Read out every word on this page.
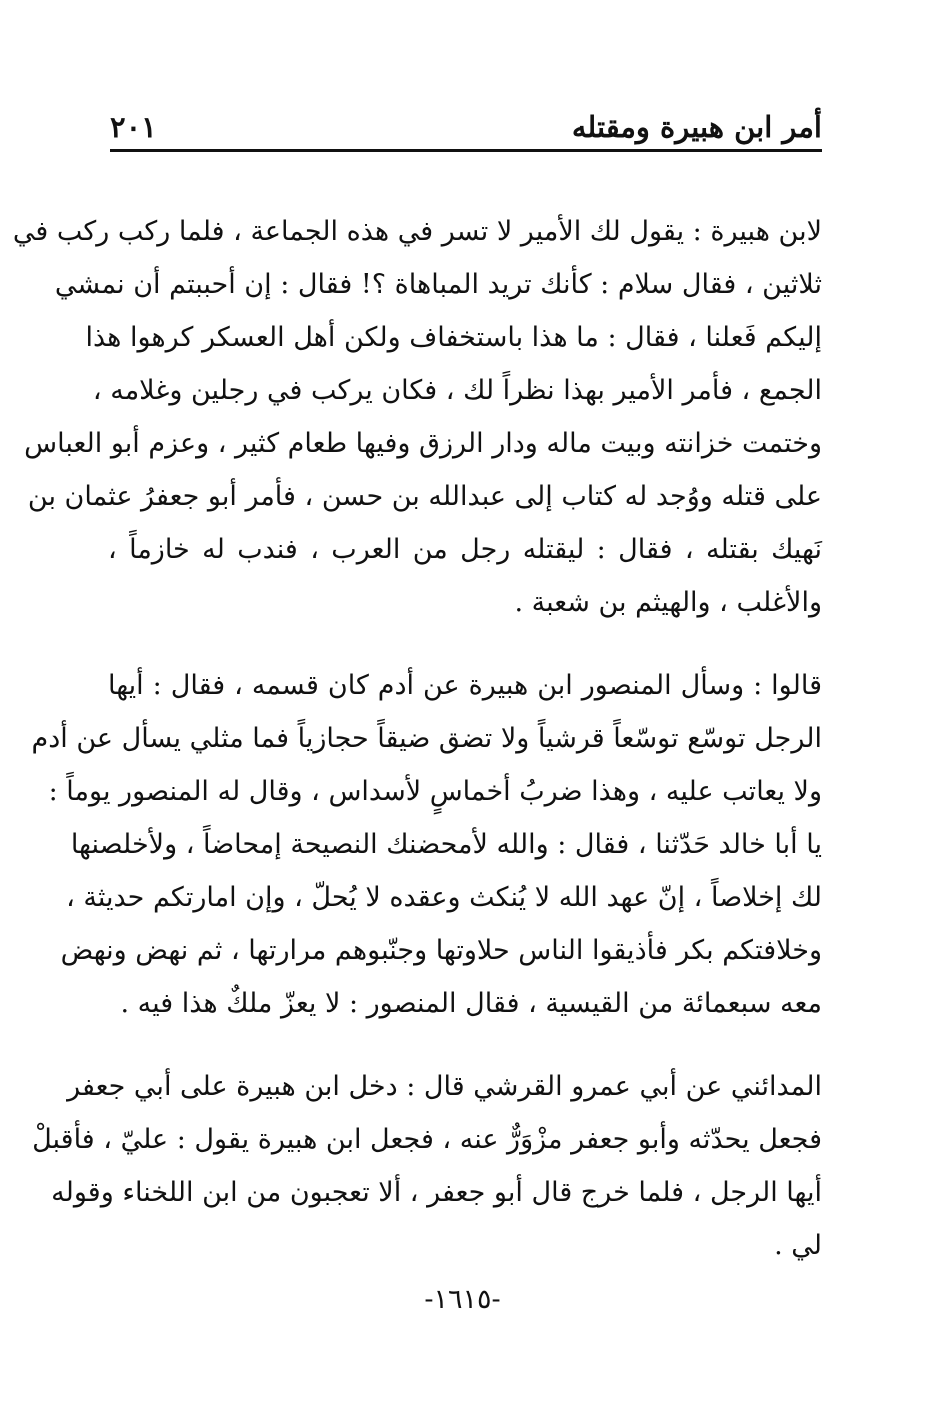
أمر ابن هبيرة ومقتله
٢٠١
لابن هبيرة : يقول لك الأمير لا تسر في هذه الجماعة ، فلما ركب ركب في
ثلاثين ، فقال سلام : كأنك تريد المباهاة ؟! فقال : إن أحببتم أن نمشي
إليكم فَعلنا ، فقال : ما هذا باستخفاف ولكن أهل العسكر كرهوا هذا
الجمع ، فأمر الأمير بهذا نظراً لك ، فكان يركب في رجلين وغلامه ،
وختمت خزانته وبيت ماله ودار الرزق وفيها طعام كثير ، وعزم أبو العباس
على قتله ووُجد له كتاب إلى عبدالله بن حسن ، فأمر أبو جعفرُ عثمان بن
نَهيك بقتله ، فقال : ليقتله رجل من العرب ، فندب له خازماً ،
والأغلب ، والهيثم بن شعبة .
قالوا : وسأل المنصور ابن هبيرة عن أدم كان قسمه ، فقال : أيها
الرجل توسّع توسّعاً قرشياً ولا تضق ضيقاً حجازياً فما مثلي يسأل عن أدم
ولا يعاتب عليه ، وهذا ضربُ أخماسٍ لأسداس ، وقال له المنصور يوماً :
يا أبا خالد حَدّثنا ، فقال : والله لأمحضنك النصيحة إمحاضاً ، ولأخلصنها
لك إخلاصاً ، إنّ عهد الله لا يُنكث وعقده لا يُحلّ ، وإن امارتكم حديثة ،
وخلافتكم بكر فأذيقوا الناس حلاوتها وجنّبوهم مرارتها ، ثم نهض ونهض
معه سبعمائة من القيسية ، فقال المنصور : لا يعزّ ملكٌ هذا فيه .
المدائني عن أبي عمرو القرشي قال : دخل ابن هبيرة على أبي جعفر
فجعل يحدّثه وأبو جعفر مزْوَرٌّ عنه ، فجعل ابن هبيرة يقول : عليّ ، فأقبلْ
أيها الرجل ، فلما خرج قال أبو جعفر ، ألا تعجبون من ابن اللخناء وقوله
لي .
-١٦١٥-
